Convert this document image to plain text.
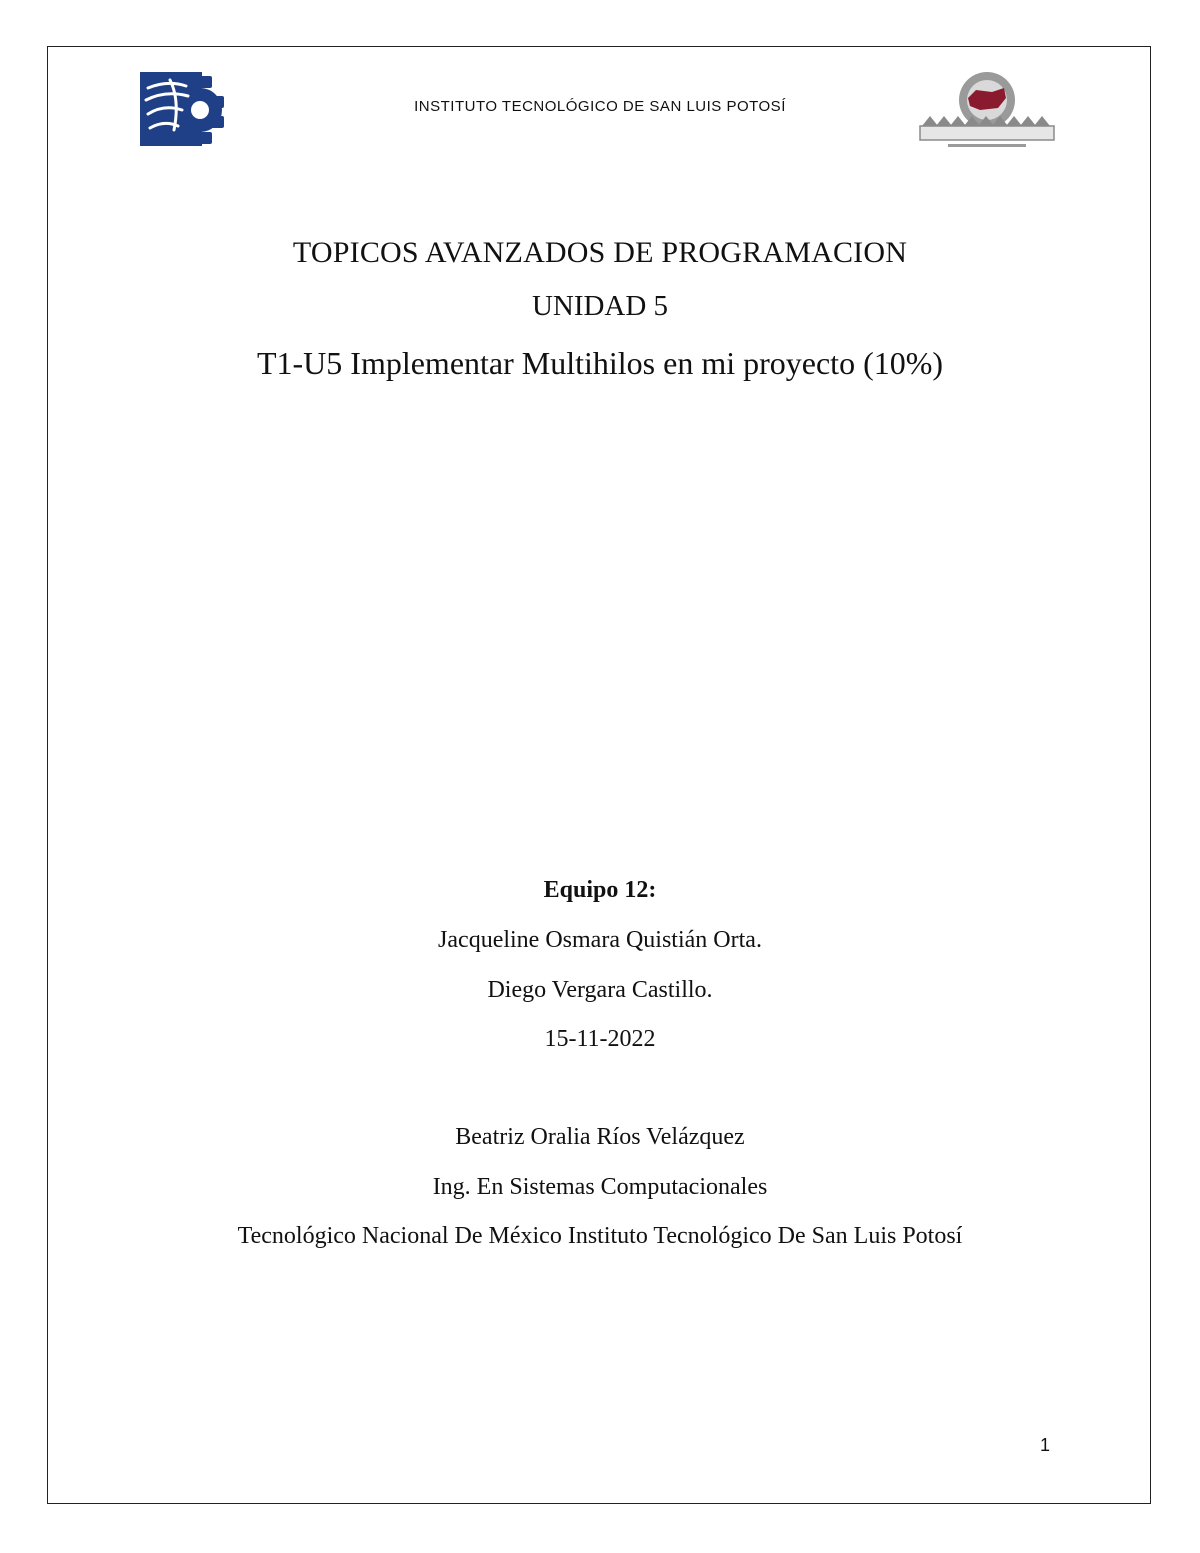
INSTITUTO TECNOLÓGICO DE SAN LUIS POTOSÍ
TOPICOS AVANZADOS DE PROGRAMACION
UNIDAD 5
T1-U5 Implementar Multihilos en mi proyecto (10%)
Equipo 12:
Jacqueline Osmara Quistián Orta.
Diego Vergara Castillo.
15-11-2022
Beatriz Oralia Ríos Velázquez
Ing. En Sistemas Computacionales
Tecnológico Nacional De México Instituto Tecnológico De San Luis Potosí
1
